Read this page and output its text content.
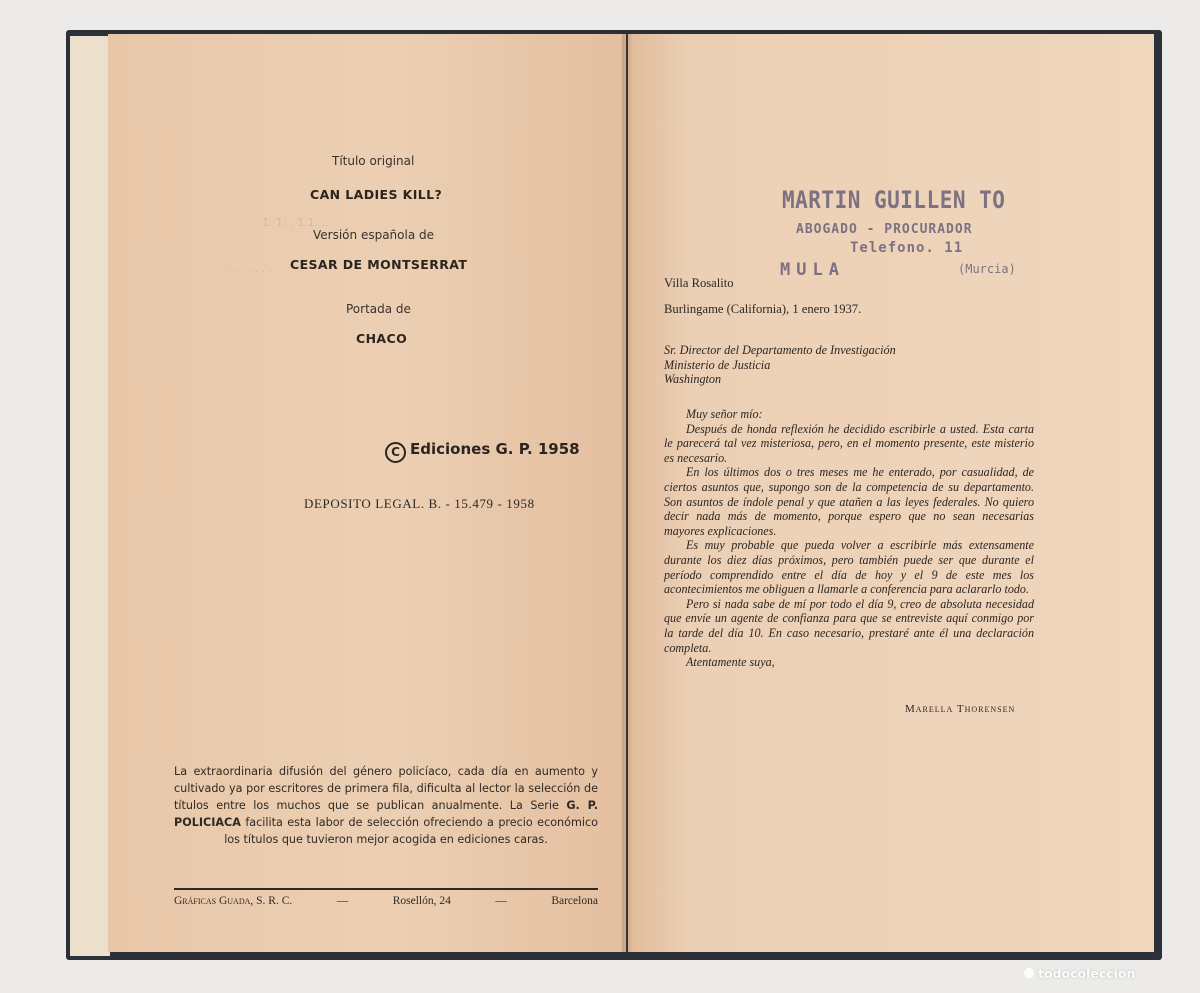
1. 1: . 1.1. ...
.. . . . . .
Título original
CAN LADIES KILL?
Versión española de
CESAR DE MONTSERRAT
Portada de
CHACO
C Ediciones G. P. 1958
DEPOSITO LEGAL. B. - 15.479 - 1958
La extraordinaria difusión del género policíaco, cada día en aumento y cultivado ya por escritores de primera fila, dificulta al lector la selección de títulos entre los muchos que se publican anualmente. La Serie G. P. POLICIACA facilita esta labor de selección ofreciendo a precio económico los títulos que tuvieron mejor acogida en ediciones caras.
Gráficas Guada, S. R. C.	—	Rosellón, 24	—	Barcelona
MARTIN GUILLEN TO
ABOGADO - PROCURADOR
Telefono. 11
MULA	(Murcia)
Villa Rosalito
Burlingame (California), 1 enero 1937.
Sr. Director del Departamento de Investigación
Ministerio de Justicia
Washington

Muy señor mío:

Después de honda reflexión he decidido escribirle a usted. Esta carta le parecerá tal vez misteriosa, pero, en el momento presente, este misterio es necesario.

En los últimos dos o tres meses me he enterado, por casualidad, de ciertos asuntos que, supongo son de la competencia de su departamento. Son asuntos de índole penal y que atañen a las leyes federales. No quiero decir nada más de momento, porque espero que no sean necesarias mayores explicaciones.

Es muy probable que pueda volver a escribirle más extensamente durante los diez días próximos, pero también puede ser que durante el período comprendido entre el día de hoy y el 9 de este mes los acontecimientos me obliguen a llamarle a conferencia para aclararlo todo.

Pero si nada sabe de mí por todo el día 9, creo de absoluta necesidad que envíe un agente de confianza para que se entreviste aquí conmigo por la tarde del día 10. En caso necesario, prestaré ante él una declaración completa.

Atentamente suya,

Marella Thorensen
todocoleccion
